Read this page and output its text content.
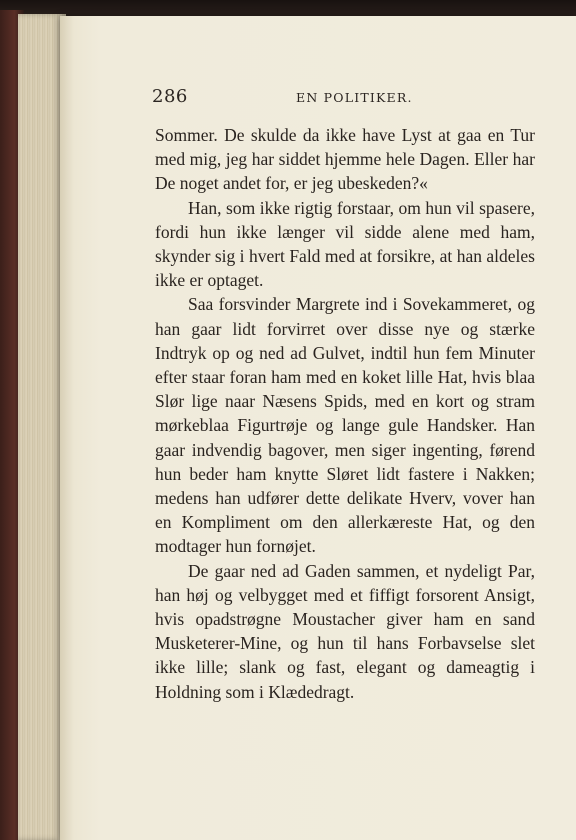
286	EN POLITIKER.

Sommer. De skulde da ikke have Lyst at gaa en Tur med mig, jeg har siddet hjemme hele Dagen. Eller har De noget andet for, er jeg ubeskeden?«

Han, som ikke rigtig forstaar, om hun vil spasere, fordi hun ikke længer vil sidde alene med ham, skynder sig i hvert Fald med at forsikre, at han aldeles ikke er optaget.

Saa forsvinder Margrete ind i Sovekammeret, og han gaar lidt forvirret over disse nye og stærke Indtryk op og ned ad Gulvet, indtil hun fem Minuter efter staar foran ham med en koket lille Hat, hvis blaa Slør lige naar Næsens Spids, med en kort og stram mørkeblaa Figurtrøje og lange gule Handsker. Han gaar indvendig bagover, men siger ingenting, førend hun beder ham knytte Sløret lidt fastere i Nakken; medens han udfører dette delikate Hverv, vover han en Kompliment om den allerkæreste Hat, og den modtager hun fornøjet.

De gaar ned ad Gaden sammen, et nydeligt Par, han høj og velbygget med et fiffigt forsorent Ansigt, hvis opadstrøgne Moustacher giver ham en sand Musketerer-Mine, og hun til hans Forbavselse slet ikke lille; slank og fast, elegant og dameagtig i Holdning som i Klædedragt.
